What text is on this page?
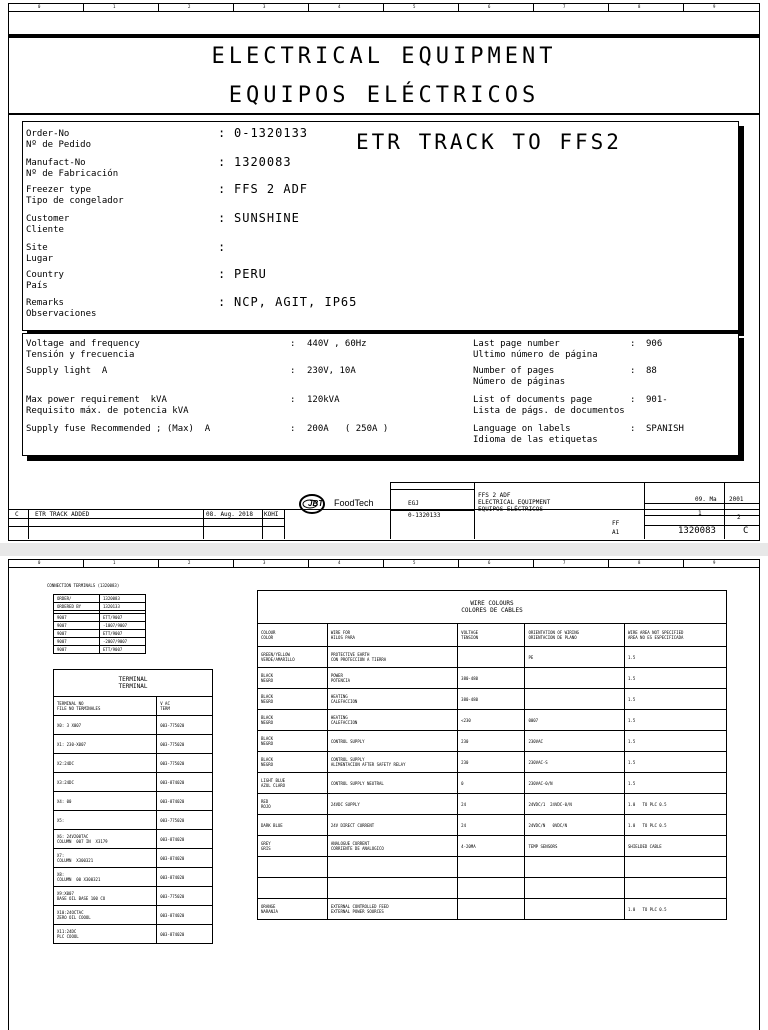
0	1	2	3	4	5	6	7	8	9
ELECTRICAL EQUIPMENT
EQUIPOS ELÉCTRICOS
ETR TRACK TO FFS2
Order-No
Nº de Pedido
: 0-1320133
Manufact-No
Nº de Fabricación
: 1320083
Freezer type
Tipo de congelador
: FFS 2 ADF
Customer
Cliente
: SUNSHINE
Site
Lugar
:
Country
País
: PERU
Remarks
Observaciones
: NCP, AGIT, IP65
Voltage and frequency
Tensión y frecuencia
: 440V , 60Hz
Supply light  A	: 230V, 10A
Max power requirement  kVA
Requisito máx. de potencia kVA
: 120kVA
Supply fuse Recommended ; (Max)  A	: 200A   ( 250A )
Last page number
Ultimo número de página
: 906
Number of pages
Número de páginas
: 88
List of documents page
Lista de págs. de documentos
: 901-
Language on labels
Idioma de las etiquetas
: SPANISH
C	ETR TRACK ADDED	08. Aug. 2018 KOHI
JBT FoodTech	EGJ
0-1320133
FFS 2 ADF
ELECTRICAL EQUIPMENT
EQUIPOS ELÉCTRICOS
FF
A1
09. Ma 2001
1
2
1320083	C
0	1	2	3	4	5	6	7	8	9
CONNECTION TERMINALS (1320083)
ORDER/	1320083
ORDERED BY	1320133

9007	ETT/9007
9007	-1007/9007
9007	ETT/9007
9007	-2007/9007
9007	ETT/9007
TERMINAL
TERMINAL	

TERMINAL NO
FILE NO TERMINALES	V AC
TERM
X0: 3 X007	003-775020
X1: 230-X007	003-775020
X2:24DC	003-775020
X3:24DC	003-874020
X4: 00	003-874020
X5:	003-775020
X6: 24V200TAC
COLUMN  007 IN  X3179	003-874020
X7:
COLUMN  X300321	003-874020
X8:
COLUMN  00 X300321	003-874020
X9:X007
BASE OIL BASE 100 CO	003-775020
X10:24OCTAC
ZERO OIL COOOL	003-874020
X11:24DC
PLC COOOL	003-874020
WIRE COLOURS
COLORES DE CABLES				

COLOUR
COLOR	WIRE FOR
HILOS PARA	VOLTAGE
TENSION	ORIENTATION OF WIRING
ORIENTACION DE PLANO	WIRE AREA NOT SPECIFIED
AREA NO ES ESPECIFICADA
GREEN/YELLOW
VERDE/AMARILLO	PROTECTIVE EARTH
CON PROTECCION A TIERRA		PE	1.5
BLACK
NEGRO	POWER
POTENCIA	380-480		1.5
BLACK
NEGRO	HEATING
CALEFACCION	380-480		1.5
BLACK
NEGRO	HEATING
CALEFACCION	<230	0007	1.5
BLACK
NEGRO	CONTROL SUPPLY	230	230VAC	1.5
BLACK
NEGRO	CONTROL SUPPLY
ALIMENTACION AFTER SAFETY RELAY	230	230VAC-S	1.5
LIGHT BLUE
AZUL CLARO	CONTROL SUPPLY NEUTRAL	0	230VAC-0/N	1.5
RED
ROJO	24VDC SUPPLY	24	24VDC/1  24VDC-0/N	1.0   TO PLC 0.5
DARK BLUE	24V DIRECT CURRENT	24	24VDC/N   0VDC/N	1.0   TO PLC 0.5
GREY
GRIS	ANALOGUE CURRENT
CORRIENTE DE ANALOGICO	4-20MA	TEMP SENSORS	SHIELDED CABLE

ORANGE
NARANJA	EXTERNAL CONTROLLED FEED
EXTERNAL POWER SOURCES			1.0   TO PLC 0.5
